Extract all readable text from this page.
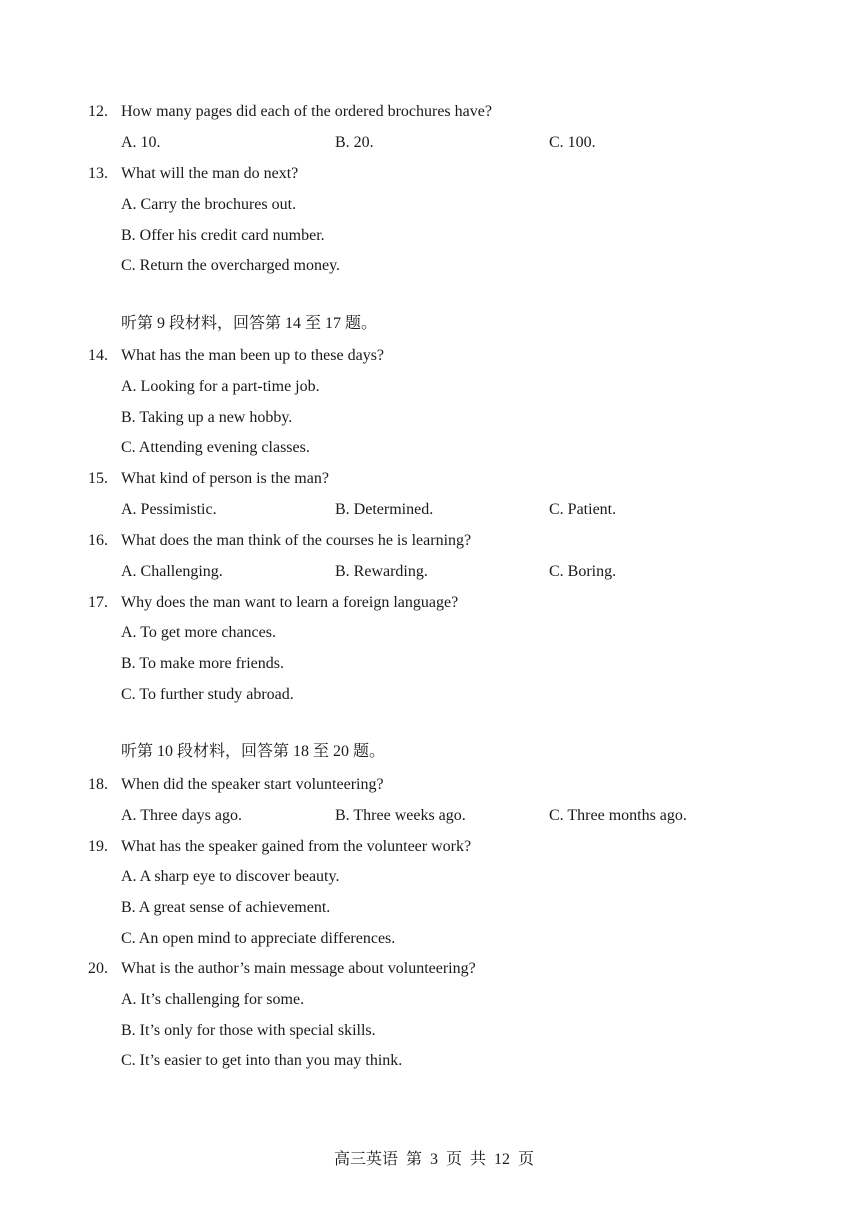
12. How many pages did each of the ordered brochures have?
A. 10.	B. 20.	C. 100.
13. What will the man do next?
A. Carry the brochures out.
B. Offer his credit card number.
C. Return the overcharged money.
听第 9 段材料，回答第 14 至 17 题。
14. What has the man been up to these days?
A. Looking for a part-time job.
B. Taking up a new hobby.
C. Attending evening classes.
15. What kind of person is the man?
A. Pessimistic.	B. Determined.	C. Patient.
16. What does the man think of the courses he is learning?
A. Challenging.	B. Rewarding.	C. Boring.
17. Why does the man want to learn a foreign language?
A. To get more chances.
B. To make more friends.
C. To further study abroad.
听第 10 段材料，回答第 18 至 20 题。
18. When did the speaker start volunteering?
A. Three days ago.	B. Three weeks ago.	C. Three months ago.
19. What has the speaker gained from the volunteer work?
A. A sharp eye to discover beauty.
B. A great sense of achievement.
C. An open mind to appreciate differences.
20. What is the author’s main message about volunteering?
A. It’s challenging for some.
B. It’s only for those with special skills.
C. It’s easier to get into than you may think.
高三英语  第  3  页  共  12  页
